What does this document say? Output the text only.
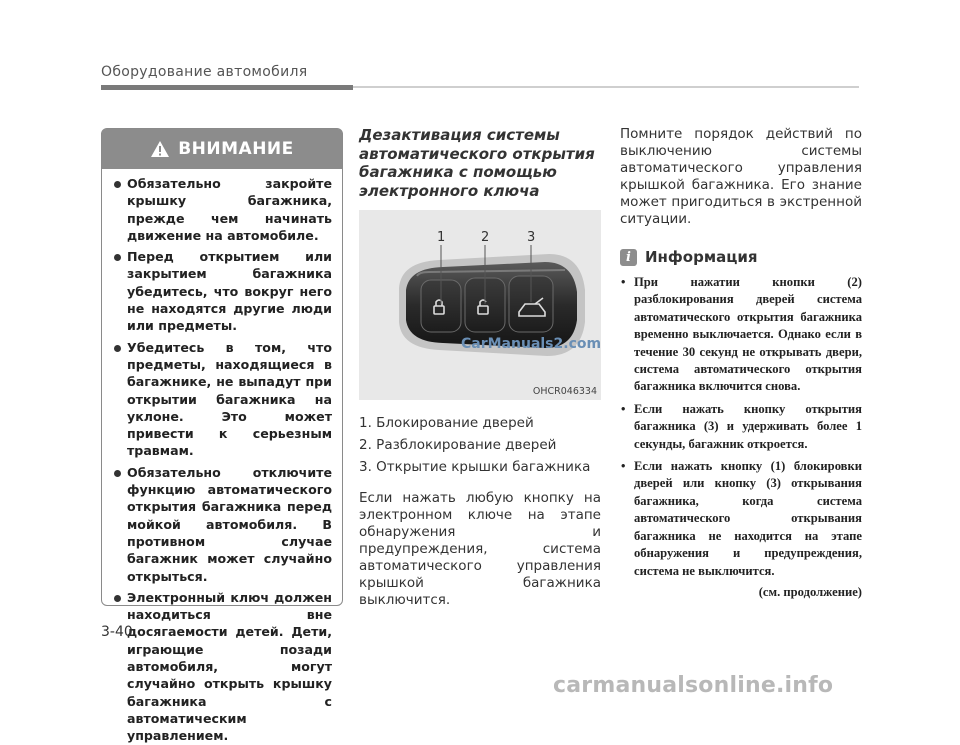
Оборудование автомобиля
ВНИМАНИЕ
Обязательно закройте крышку багажника, прежде чем начинать движение на автомобиле.
Перед открытием или закрытием багажника убедитесь, что вокруг него не находятся другие люди или предметы.
Убедитесь в том, что предметы, находящиеся в багажнике, не выпадут при открытии багажника на уклоне. Это может привести к серьезным травмам.
Обязательно отключите функцию автоматического открытия багажника перед мойкой автомобиля. В противном случае багажник может случайно открыться.
Электронный ключ должен находиться вне досягаемости детей. Дети, играющие позади автомобиля, могут случайно открыть крышку багажника с автоматическим управлением.
Дезактивация системы автоматического открытия багажника с помощью электронного ключа
1	2	3
CarManuals2.com
OHCR046334
1. Блокирование дверей
2. Разблокирование дверей
3. Открытие крышки багажника

Если нажать любую кнопку на электронном ключе на этапе обнаружения и предупреждения, система автоматического управления крышкой багажника выключится.

Помните порядок действий по выключению системы автоматического управления крышкой багажника. Его знание может пригодиться в экстренной ситуации.

i Информация
• При нажатии кнопки (2) разблокирования дверей система автоматического открытия багажника временно выключается. Однако если в течение 30 секунд не открывать двери, система автоматического открытия багажника включится снова.
• Если нажать кнопку открытия багажника (3) и удерживать более 1 секунды, багажник откроется.
• Если нажать кнопку (1) блокировки дверей или кнопку (3) открывания багажника, когда система автоматического открывания багажника не находится на этапе обнаружения и предупреждения, система не выключится.
(см. продолжение)
3-40
carmanualsonline.info
